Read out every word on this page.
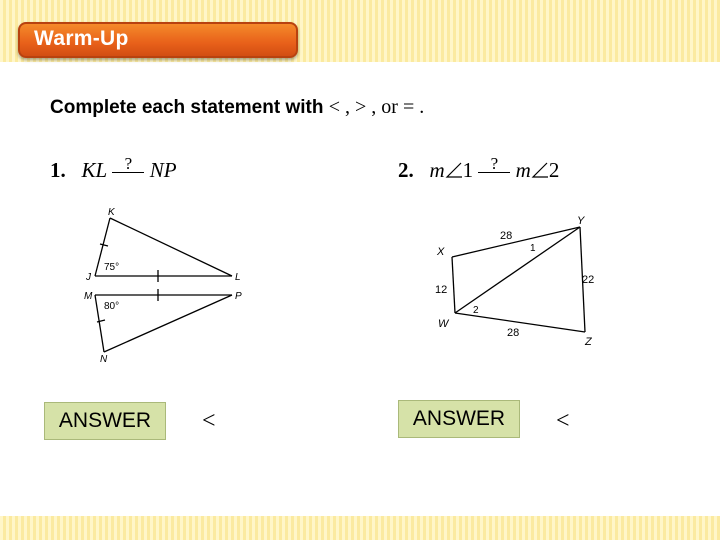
Warm-Up
Complete each statement with < , > , or = .
1. KL ? NP
K
J	L
M	P
N
75°
80°
ANSWER	<
2. m 1 ? m 2
Y
X
W
Z
28
28
12
22
1
2
ANSWER	<
